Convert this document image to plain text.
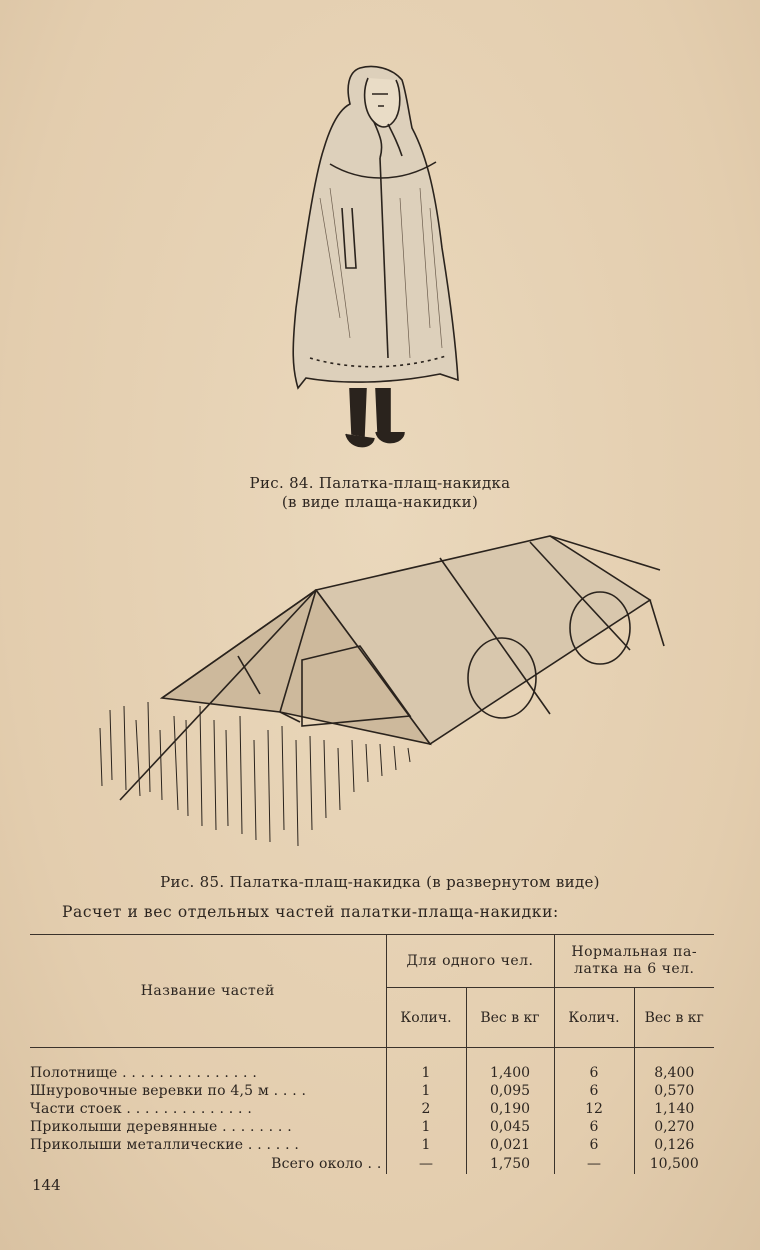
Рис. 84. Палатка-плащ-накидка
(в виде плаща-накидки)
Рис. 85. Палатка-плащ-накидка (в развернутом виде)
Расчет и вес отдельных частей палатки-плаща-накидки:
Название частей	Для одного чел.		Нормальная па-
латка на 6 чел.	

	Колич.	Вес в кг	Колич.	Вес в кг

Полотнище . . . . . . . . . . . . . . .	1	1,400	6	8,400
Шнуровочные веревки по 4,5 м . . . .	1	0,095	6	0,570
Части стоек . . . . . . . . . . . . . .	2	0,190	12	1,140
Приколыши деревянные . . . . . . . .	1	0,045	6	0,270
Приколыши металлические . . . . . .	1	0,021	6	0,126
Всего около . .	—	1,750	—	10,500
144
